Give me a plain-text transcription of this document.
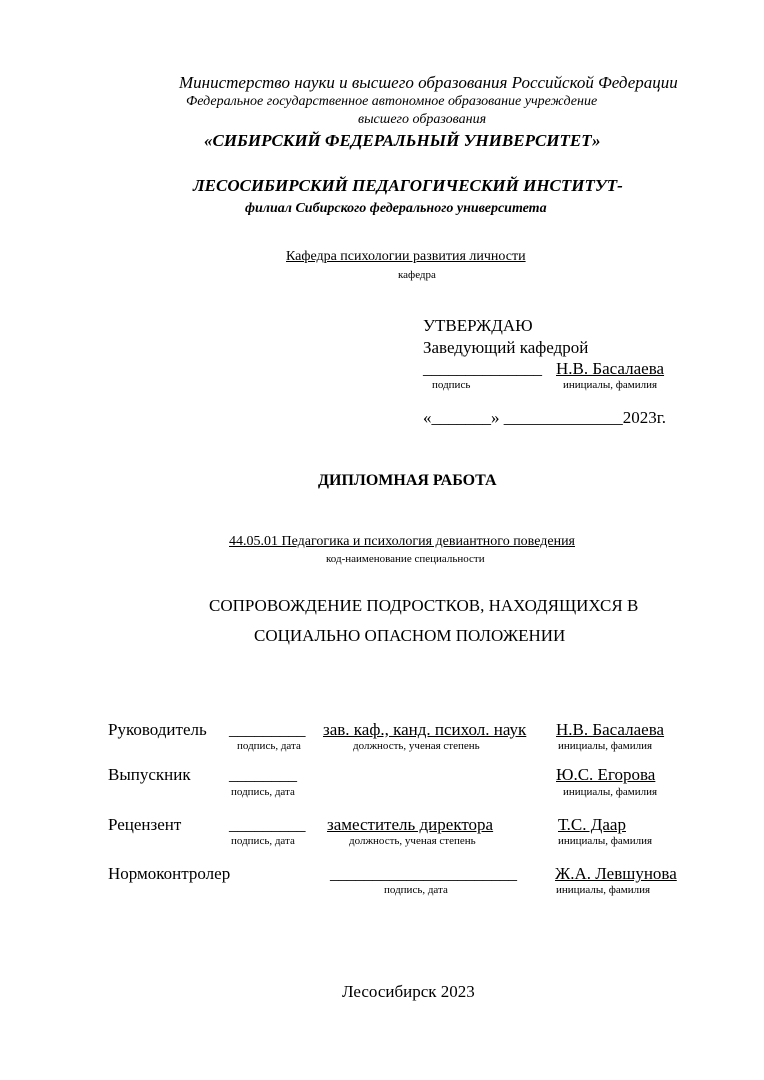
Министерство науки и высшего образования Российской Федерации
Федеральное государственное автономное образование учреждение
высшего образования
«СИБИРСКИЙ ФЕДЕРАЛЬНЫЙ УНИВЕРСИТЕТ»
ЛЕСОСИБИРСКИЙ ПЕДАГОГИЧЕСКИЙ ИНСТИТУТ-
филиал Сибирского федерального университета
Кафедра психологии развития личности
кафедра
УТВЕРЖДАЮ
Заведующий кафедрой
______________ Н.В. Басалаева
подпись	инициалы, фамилия
«_______» ______________2023г.
ДИПЛОМНАЯ РАБОТА
44.05.01 Педагогика и психология девиантного поведения
код-наименование специальности
СОПРОВОЖДЕНИЕ ПОДРОСТКОВ, НАХОДЯЩИХСЯ В
СОЦИАЛЬНО ОПАСНОМ ПОЛОЖЕНИИ
Руководитель _________ зав. каф., канд. психол. наук Н.В. Басалаева
подпись, дата	должность, ученая степень	инициалы, фамилия
Выпускник ________	Ю.С. Егорова
подпись, дата	инициалы, фамилия
Рецензент	_________ заместитель директора	Т.С. Даар
подпись, дата	должность, ученая степень	инициалы, фамилия
Нормоконтролер	______________________ Ж.А. Левшунова
подпись, дата	инициалы, фамилия
Лесосибирск 2023
